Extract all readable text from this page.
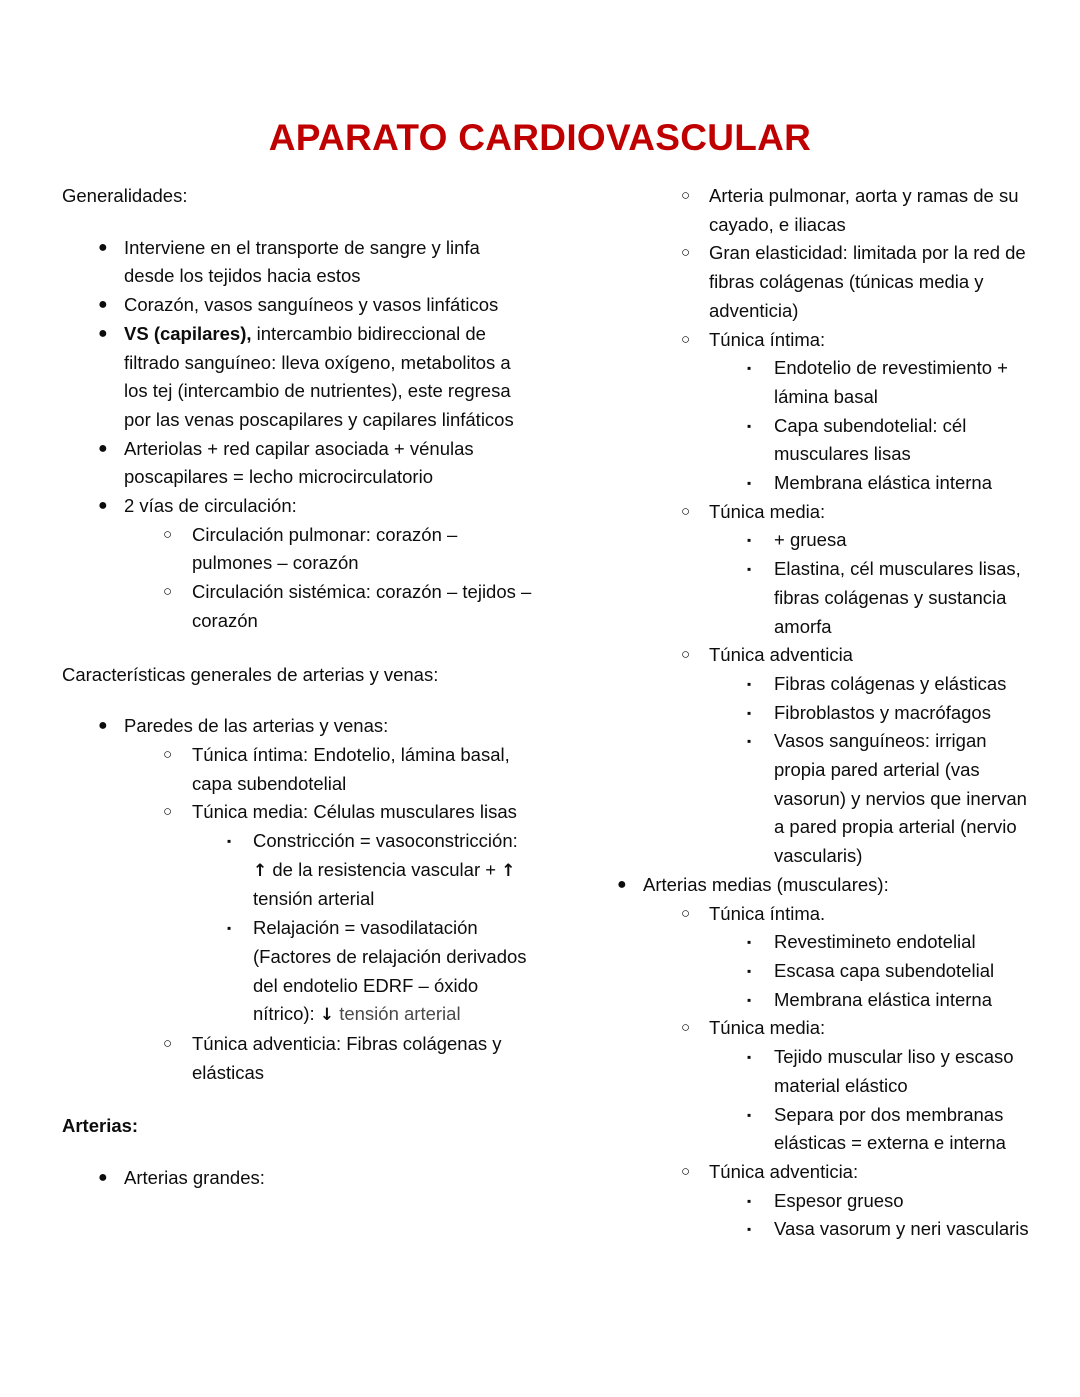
APARATO CARDIOVASCULAR
Generalidades:
● Interviene en el transporte de sangre y linfa desde los tejidos hacia estos
● Corazón, vasos sanguíneos y vasos linfáticos
● VS (capilares), intercambio bidireccional de filtrado sanguíneo: lleva oxígeno, metabolitos a los tej (intercambio de nutrientes), este regresa por las venas poscapilares y capilares linfáticos
● Arteriolas + red capilar asociada + vénulas poscapilares = lecho microcirculatorio
● 2 vías de circulación:
○	Circulación pulmonar: corazón – pulmones – corazón
○	Circulación sistémica: corazón – tejidos – corazón
Características generales de arterias y venas:
● Paredes de las arterias y venas:
○	Túnica íntima: Endotelio, lámina basal, capa subendotelial
○	Túnica media: Células musculares lisas
▪	Constricción = vasoconstricción: ↑ de la resistencia vascular + ↑ tensión arterial
▪	Relajación = vasodilatación (Factores de relajación derivados del endotelio EDRF – óxido nítrico): ↓ tensión arterial
○	Túnica adventicia: Fibras colágenas y elásticas
Arterias:
● Arterias grandes:
○	Arteria pulmonar, aorta y ramas de su cayado, e iliacas
○	Gran elasticidad: limitada por la red de fibras colágenas (túnicas media y adventicia)
○	Túnica íntima:
▪	Endotelio de revestimiento + lámina basal
▪	Capa subendotelial: cél musculares lisas
▪	Membrana elástica interna
○	Túnica media:
▪	+ gruesa
▪	Elastina, cél musculares lisas, fibras colágenas y sustancia amorfa
○	Túnica adventicia
▪	Fibras colágenas y elásticas
▪	Fibroblastos y macrófagos
▪	Vasos sanguíneos: irrigan propia pared arterial (vas vasorun) y nervios que inervan a pared propia arterial (nervio vascularis)
● Arterias medias (musculares):
○	Túnica íntima.
▪	Revestimineto endotelial
▪	Escasa capa subendotelial
▪	Membrana elástica interna
○	Túnica media:
▪	Tejido muscular liso y escaso material elástico
▪	Separa por dos membranas elásticas = externa e interna
○	Túnica adventicia:
▪	Espesor grueso
▪	Vasa vasorum y neri vascularis
